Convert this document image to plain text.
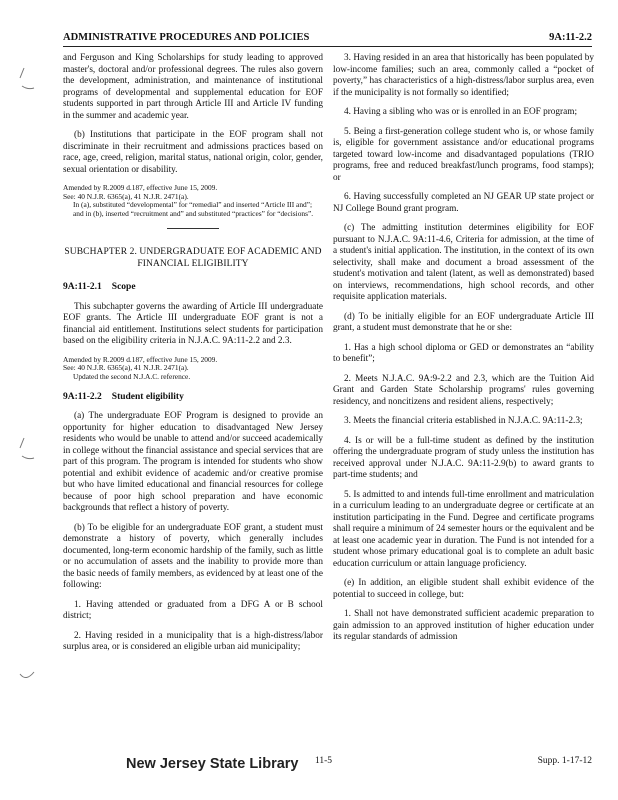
ADMINISTRATIVE PROCEDURES AND POLICIES	9A:11-2.2

and Ferguson and King Scholarships for study leading to approved master's, doctoral and/or professional degrees. The rules also govern the development, administration, and maintenance of institutional programs of developmental and supplemental education for EOF students supported in part through Article III and Article IV funding in the summer and academic year.

(b) Institutions that participate in the EOF program shall not discriminate in their recruitment and admissions practices based on race, age, creed, religion, marital status, national origin, color, gender, sexual orientation or disability.

Amended by R.2009 d.187, effective June 15, 2009.

See: 40 N.J.R. 6365(a), 41 N.J.R. 2471(a).

In (a), substituted “developmental” for “remedial” and inserted “Article III and”; and in (b), inserted “recruitment and” and substituted “practices” for “decisions”.

SUBCHAPTER 2. UNDERGRADUATE EOF ACADEMIC AND FINANCIAL ELIGIBILITY

9A:11-2.1 Scope

This subchapter governs the awarding of Article III undergraduate EOF grants. The Article III undergraduate EOF grant is not a financial aid entitlement. Institutions select students for participation based on the eligibility criteria in N.J.A.C. 9A:11-2.2 and 2.3.

Amended by R.2009 d.187, effective June 15, 2009.

See: 40 N.J.R. 6365(a), 41 N.J.R. 2471(a).

Updated the second N.J.A.C. reference.

9A:11-2.2 Student eligibility

(a) The undergraduate EOF Program is designed to provide an opportunity for higher education to disadvantaged New Jersey residents who would be unable to attend and/or succeed academically in college without the financial assistance and special services that are part of this program. The program is intended for students who show potential and exhibit evidence of academic and/or creative promise but who have limited educational and financial resources for college because of poor high school preparation and have economic backgrounds that reflect a history of poverty.

(b) To be eligible for an undergraduate EOF grant, a student must demonstrate a history of poverty, which generally includes documented, long-term economic hardship of the family, such as little or no accumulation of assets and the inability to provide more than the basic needs of family members, as evidenced by at least one of the following:

1. Having attended or graduated from a DFG A or B school district;

2. Having resided in a municipality that is a high-distress/labor surplus area, or is considered an eligible urban aid municipality;

3. Having resided in an area that historically has been populated by low-income families; such an area, commonly called a “pocket of poverty,” has characteristics of a high-distress/labor surplus area, even if the municipality is not formally so identified;

4. Having a sibling who was or is enrolled in an EOF program;

5. Being a first-generation college student who is, or whose family is, eligible for government assistance and/or educational programs targeted toward low-income and disadvantaged populations (TRIO programs, free and reduced breakfast/lunch programs, food stamps); or

6. Having successfully completed an NJ GEAR UP state project or NJ College Bound grant program.

(c) The admitting institution determines eligibility for EOF pursuant to N.J.A.C. 9A:11-4.6, Criteria for admission, at the time of a student's initial application. The institution, in the context of its own selectivity, shall make and document a broad assessment of the student's motivation and talent (latent, as well as demonstrated) based on interviews, recommendations, high school records, and other requisite application materials.

(d) To be initially eligible for an EOF undergraduate Article III grant, a student must demonstrate that he or she:

1. Has a high school diploma or GED or demonstrates an “ability to benefit”;

2. Meets N.J.A.C. 9A:9-2.2 and 2.3, which are the Tuition Aid Grant and Garden State Scholarship programs' rules governing residency, and noncitizens and resident aliens, respectively;

3. Meets the financial criteria established in N.J.A.C. 9A:11-2.3;

4. Is or will be a full-time student as defined by the institution offering the undergraduate program of study unless the institution has received approval under N.J.A.C. 9A:11-2.9(b) to award grants to part-time students; and

5. Is admitted to and intends full-time enrollment and matriculation in a curriculum leading to an undergraduate degree or certificate at an institution participating in the Fund. Degree and certificate programs shall require a minimum of 24 semester hours or the equivalent and be at least one academic year in duration. The Fund is not intended for a student whose primary educational goal is to complete an adult basic education curriculum or attain language proficiency.

(e) In addition, an eligible student shall exhibit evidence of the potential to succeed in college, but:

1. Shall not have demonstrated sufficient academic preparation to gain admission to an approved institution of higher education under its regular standards of admission

New Jersey State Library 11-5	Supp. 1-17-12
